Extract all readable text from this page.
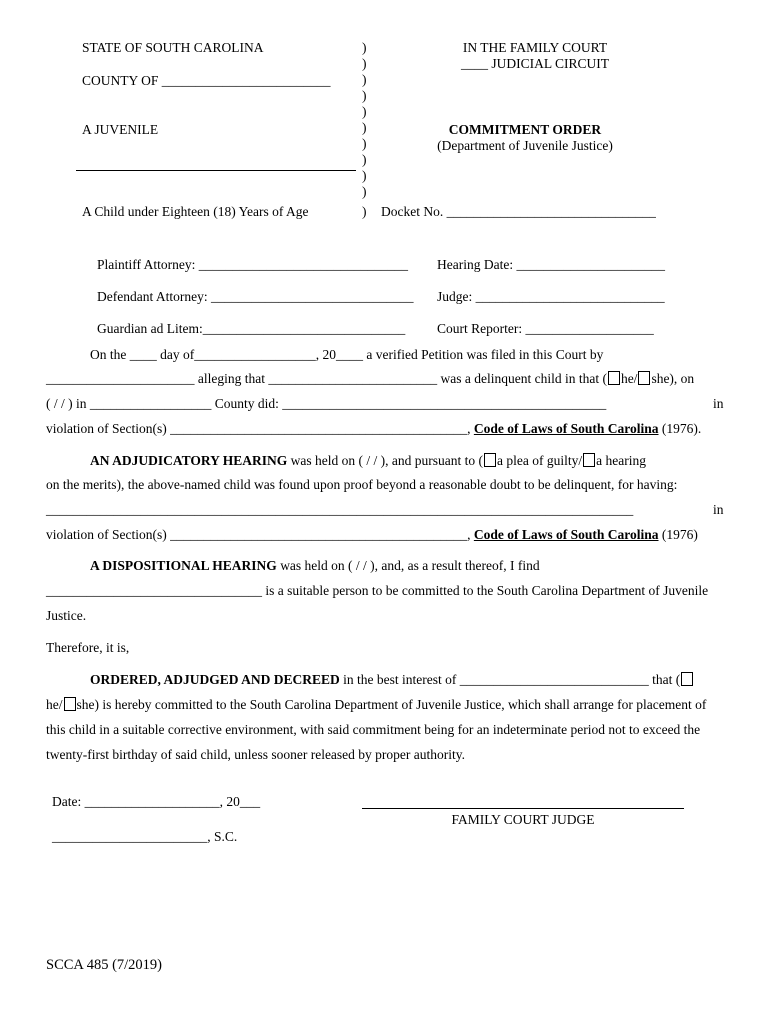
STATE OF SOUTH CAROLINA
COUNTY OF _________________________
A JUVENILE
A Child under Eighteen (18) Years of Age
)
)
)
)
)
)
)
)
)
)
)
IN THE FAMILY COURT
____ JUDICIAL CIRCUIT
COMMITMENT ORDER
(Department of Juvenile Justice)
Docket No. _______________________________
Plaintiff Attorney: _______________________________
Defendant Attorney: ______________________________
Guardian ad Litem:______________________________
Hearing Date: ______________________
Judge: ____________________________
Court Reporter: ___________________
On the ____ day of__________________, 20____ a verified Petition was filed in this Court by
______________________ alleging that _________________________ was a delinquent child in that ( he/ she), on
( / / ) in __________________ County did: ________________________________________________	in
violation of Section(s) ____________________________________________, Code of Laws of South Carolina (1976).
AN ADJUDICATORY HEARING was held on ( / / ), and pursuant to ( a plea of guilty/ a hearing
on the merits), the above-named child was found upon proof beyond a reasonable doubt to be delinquent, for having:
_______________________________________________________________________________________	in
violation of Section(s) ____________________________________________, Code of Laws of South Carolina (1976)
A DISPOSITIONAL HEARING was held on ( / / ), and, as a result thereof, I find
________________________________ is a suitable person to be committed to the South Carolina Department of Juvenile
Justice.
Therefore, it is,
ORDERED, ADJUDGED AND DECREED in the best interest of ____________________________ that (
he/ she) is hereby committed to the South Carolina Department of Juvenile Justice, which shall arrange for placement of
this child in a suitable corrective environment, with said commitment being for an indeterminate period not to exceed the
twenty-first birthday of said child, unless sooner released by proper authority.
Date: ____________________, 20___
FAMILY COURT JUDGE
_______________________, S.C.
SCCA 485 (7/2019)
